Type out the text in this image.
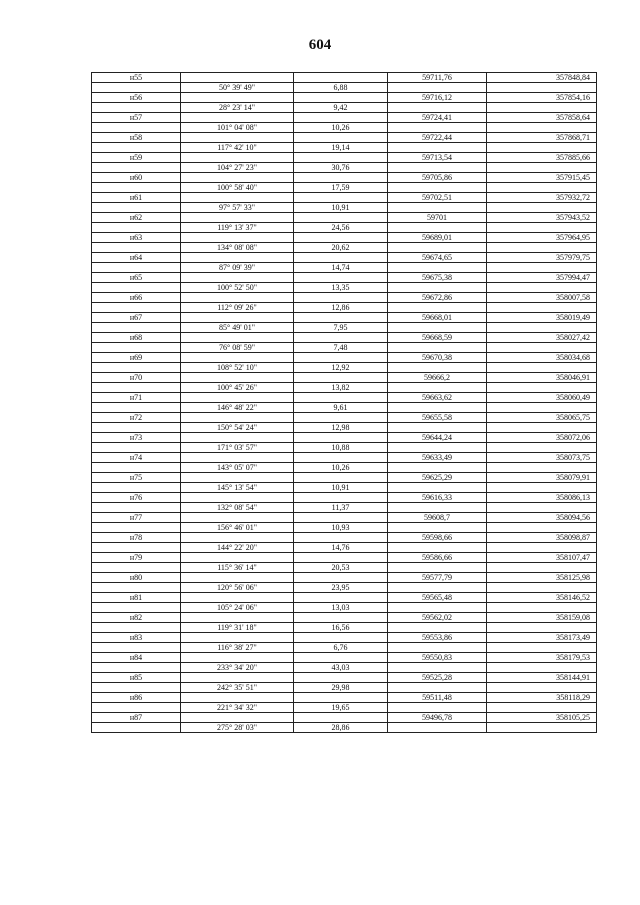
604
н55			59711,76	357848,84
	50° 39' 49"	6,88		
н56			59716,12	357854,16
	28° 23' 14"	9,42		
н57			59724,41	357858,64
	101° 04' 08"	10,26		
н58			59722,44	357868,71
	117° 42' 10"	19,14		
н59			59713,54	357885,66
	104° 27' 23"	30,76		
н60			59705,86	357915,45
	100° 58' 40"	17,59		
н61			59702,51	357932,72
	97° 57' 33"	10,91		
н62			59701	357943,52
	119° 13' 37"	24,56		
н63			59689,01	357964,95
	134° 08' 08"	20,62		
н64			59674,65	357979,75
	87° 09' 39"	14,74		
н65			59675,38	357994,47
	100° 52' 50"	13,35		
н66			59672,86	358007,58
	112° 09' 26"	12,86		
н67			59668,01	358019,49
	85° 49' 01"	7,95		
н68			59668,59	358027,42
	76° 08' 59"	7,48		
н69			59670,38	358034,68
	108° 52' 10"	12,92		
н70			59666,2	358046,91
	100° 45' 26"	13,82		
н71			59663,62	358060,49
	146° 48' 22"	9,61		
н72			59655,58	358065,75
	150° 54' 24"	12,98		
н73			59644,24	358072,06
	171° 03' 57"	10,88		
н74			59633,49	358073,75
	143° 05' 07"	10,26		
н75			59625,29	358079,91
	145° 13' 54"	10,91		
н76			59616,33	358086,13
	132° 08' 54"	11,37		
н77			59608,7	358094,56
	156° 46' 01"	10,93		
н78			59598,66	358098,87
	144° 22' 20"	14,76		
н79			59586,66	358107,47
	115° 36' 14"	20,53		
н80			59577,79	358125,98
	120° 56' 06"	23,95		
н81			59565,48	358146,52
	105° 24' 06"	13,03		
н82			59562,02	358159,08
	119° 31' 18"	16,56		
н83			59553,86	358173,49
	116° 38' 27"	6,76		
н84			59550,83	358179,53
	233° 34' 20"	43,03		
н85			59525,28	358144,91
	242° 35' 51"	29,98		
н86			59511,48	358118,29
	221° 34' 32"	19,65		
н87			59496,78	358105,25
	275° 28' 03"	28,86		
